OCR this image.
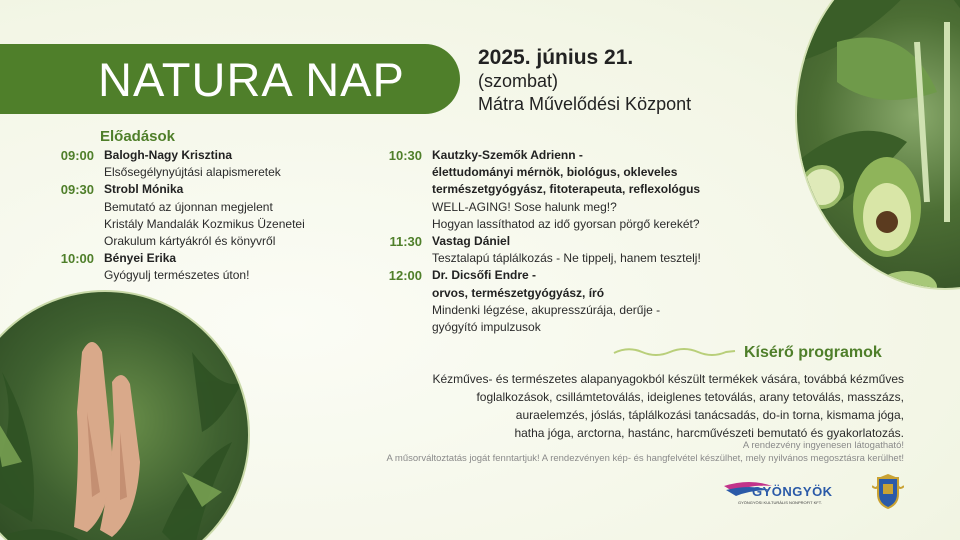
NATURA NAP	2025. június 21.
(szombat)
Mátra Művelődési Központ
Előadások
09:00 Balogh-Nagy Krisztina
Elsősegélynyújtási alapismeretek
09:30 Strobl Mónika
Bemutató az újonnan megjelent
Kristály Mandalák Kozmikus Üzenetei
Orakulum kártyákról és könyvről
10:00 Bényei Erika
Gyógyulj természetes úton!
10:30 Kautzky-Szemők Adrienn -
élettudományi mérnök, biológus, okleveles
természetgyógyász, fitoterapeuta, reflexológus
WELL-AGING! Sose halunk meg!?
Hogyan lassíthatod az idő gyorsan pörgő kerekét?
11:30 Vastag Dániel
Tesztalapú táplálkozás - Ne tippelj, hanem tesztelj!
12:00 Dr. Dicsőfi Endre -
orvos, természetgyógyász, író
Mindenki légzése, akupresszúrája, derűje -
gyógyító impulzusok
Kísérő programok
Kézműves- és természetes alapanyagokból készült termékek vására, továbbá kézműves
foglalkozások, csillámtetoválás, ideiglenes tetoválás, arany tetoválás, masszázs,
auraelemzés, jóslás, táplálkozási tanácsadás, do-in torna, kismama jóga,
hatha jóga, arctorna, hastánc, harcművészeti bemutató és gyakorlatozás.
A rendezvény ingyenesen látogatható!
A műsorváltoztatás jogát fenntartjuk! A rendezvényen kép- és hangfelvétel készülhet, mely nyilvános megosztásra kerülhet!
GYÖNGYÖK
GYÖNGYÖSI KULTURÁLIS NONPROFIT KFT.
